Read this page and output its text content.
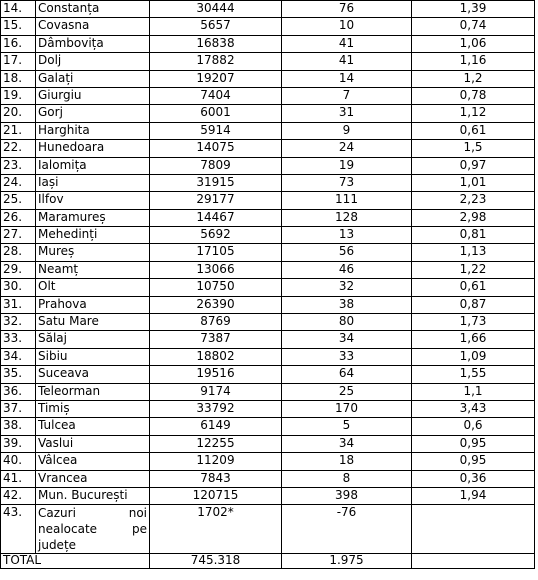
14.	Constanța	30444	76	1,39
15.	Covasna	5657	10	0,74
16.	Dâmbovița	16838	41	1,06
17.	Dolj	17882	41	1,16
18.	Galați	19207	14	1,2
19.	Giurgiu	7404	7	0,78
20.	Gorj	6001	31	1,12
21.	Harghita	5914	9	0,61
22.	Hunedoara	14075	24	1,5
23.	Ialomița	7809	19	0,97
24.	Iași	31915	73	1,01
25.	Ilfov	29177	111	2,23
26.	Maramureș	14467	128	2,98
27.	Mehedinți	5692	13	0,81
28.	Mureș	17105	56	1,13
29.	Neamț	13066	46	1,22
30.	Olt	10750	32	0,61
31.	Prahova	26390	38	0,87
32.	Satu Mare	8769	80	1,73
33.	Sălaj	7387	34	1,66
34.	Sibiu	18802	33	1,09
35.	Suceava	19516	64	1,55
36.	Teleorman	9174	25	1,1
37.	Timiș	33792	170	3,43
38.	Tulcea	6149	5	0,6
39.	Vaslui	12255	34	0,95
40.	Vâlcea	11209	18	0,95
41.	Vrancea	7843	8	0,36
42.	Mun. București	120715	398	1,94
43.	Cazuri noi nealocate pe județe	1702*	-76	
TOTAL		745.318	1.975	
